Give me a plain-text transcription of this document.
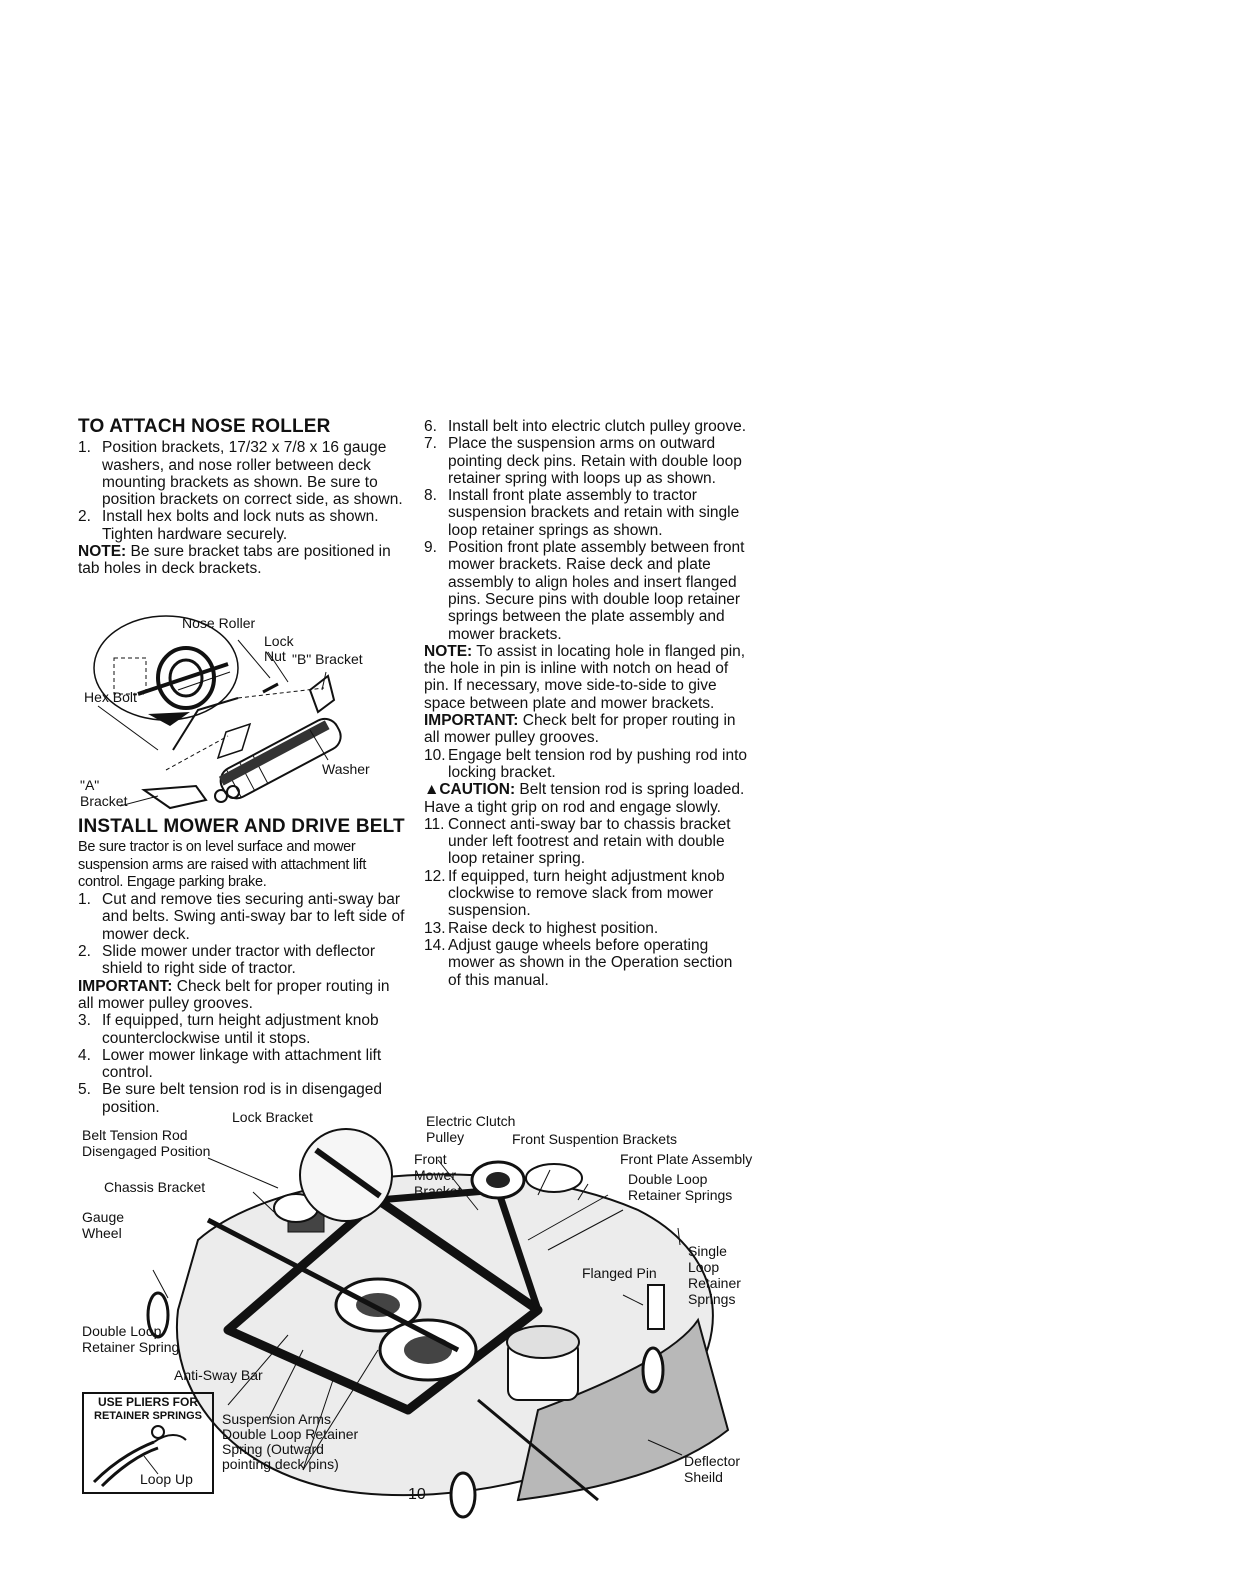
TO ATTACH NOSE ROLLER
1. Position brackets, 17/32 x 7/8 x 16 gauge washers, and nose roller between deck mounting brackets as shown. Be sure to position brackets on correct side, as shown.
2. Install hex bolts and lock nuts as shown. Tighten hardware securely.

NOTE: Be sure bracket tabs are positioned in tab holes in deck brackets.

Nose Roller
Lock
Nut "B" Bracket
Hex Bolt
Washer
"A"
Bracket
INSTALL MOWER AND DRIVE BELT

Be sure tractor is on level surface and mower suspension arms are raised with attachment lift control. Engage parking brake.

1. Cut and remove ties securing anti-sway bar and belts. Swing anti-sway bar to left side of mower deck.
2. Slide mower under tractor with deflector shield to right side of tractor.

IMPORTANT: Check belt for proper routing in all mower pulley grooves.

3. If equipped, turn height adjustment knob counterclockwise until it stops.
4. Lower mower linkage with attachment lift control.
5. Be sure belt tension rod is in disengaged position.
6. Install belt into electric clutch pulley groove.
7. Place the suspension arms on outward pointing deck pins. Retain with double loop retainer spring with loops up as shown.
8. Install front plate assembly to tractor suspension brackets and retain with single loop retainer springs as shown.
9. Position front plate assembly between front mower brackets. Raise deck and plate assembly to align holes and insert flanged pins. Secure pins with double loop retainer springs between the plate assembly and mower brackets.

NOTE: To assist in locating hole in flanged pin, the hole in pin is inline with notch on head of pin. If necessary, move side-to-side to give space between plate and mower brackets.

IMPORTANT: Check belt for proper routing in all mower pulley grooves.

10. Engage belt tension rod by pushing rod into locking bracket.

▲CAUTION: Belt tension rod is spring loaded. Have a tight grip on rod and engage slowly.

11. Connect anti-sway bar to chassis bracket under left footrest and retain with double loop retainer spring.
12. If equipped, turn height adjustment knob clockwise to remove slack from mower suspension.
13. Raise deck to highest position.
14. Adjust gauge wheels before operating mower as shown in the Operation section of this manual.
Lock Bracket
Belt Tension Rod
Disengaged Position
Chassis Bracket
Gauge
Wheel
Double Loop
Retainer Spring
Anti-Sway Bar
USE PLIERS FOR
RETAINER SPRINGS
Loop Up
Suspension Arms
Double Loop Retainer
Spring (Outward
pointing deck pins)
Electric Clutch
Pulley	Front Suspention Brackets
Front Plate Assembly
Front
Mower
Bracket
Double Loop
Retainer Springs
Single
Loop
Retainer
Springs
Flanged Pin
Deflector
Sheild
10
